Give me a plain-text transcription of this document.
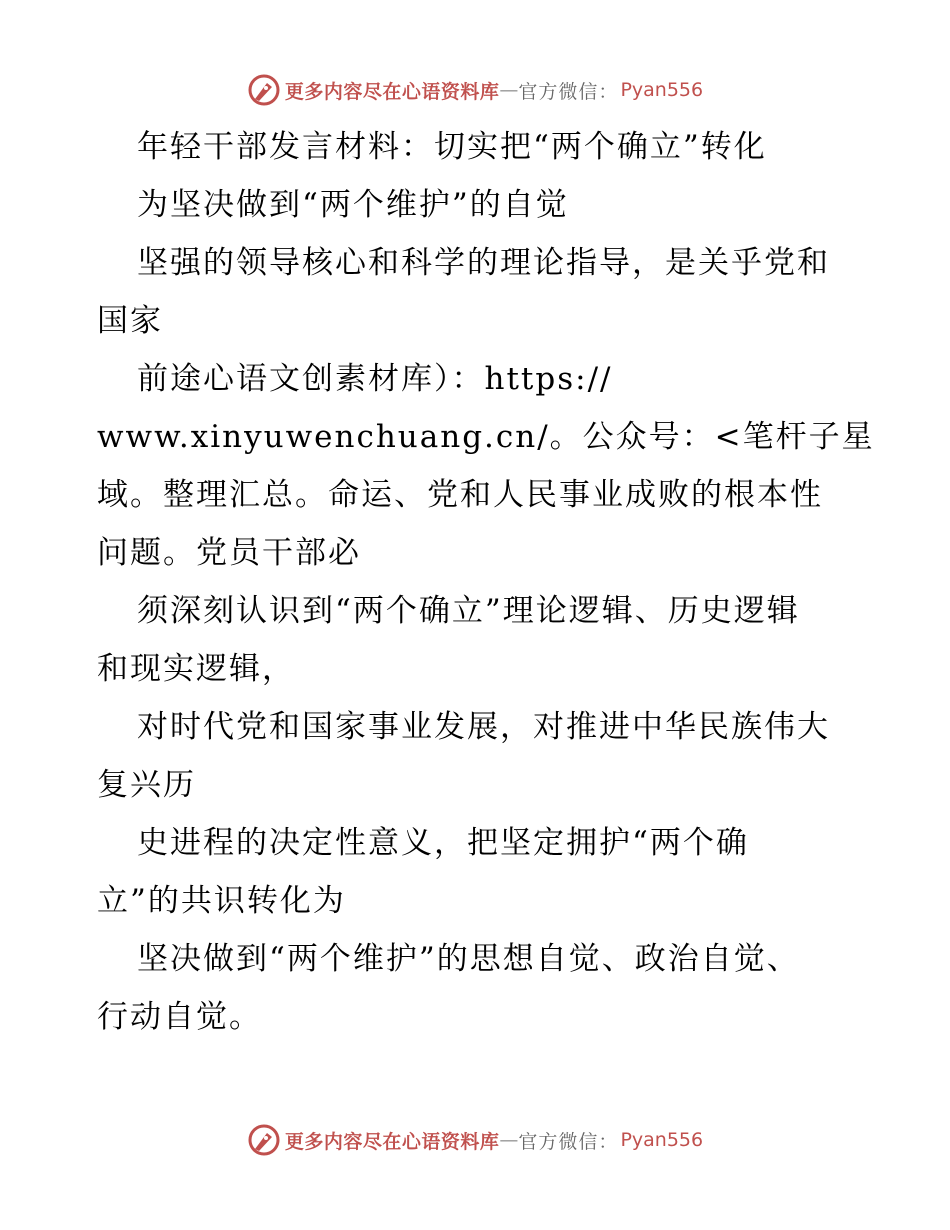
更多内容尽在心语资料库 — 官方微信： Pyan556

年轻干部发言材料：切实把“两个确立”转化

为坚决做到“两个维护”的自觉

坚强的领导核心和科学的理论指导，是关乎党和

国家

前途心语文创素材库）：https://

www.xinyuwenchuang.cn/。公众号：<笔杆子星

域。整理汇总。命运、党和人民事业成败的根本性

问题。党员干部必

须深刻认识到“两个确立”理论逻辑、历史逻辑

和现实逻辑，

对时代党和国家事业发展，对推进中华民族伟大

复兴历

史进程的决定性意义，把坚定拥护“两个确

立”的共识转化为

坚决做到“两个维护”的思想自觉、政治自觉、

行动自觉。

更多内容尽在心语资料库 — 官方微信： Pyan556
